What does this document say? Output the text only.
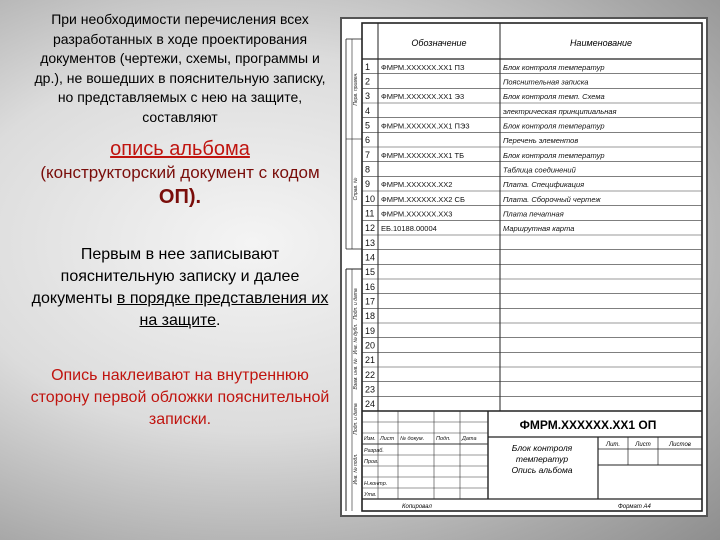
При необходимости перечисления всех разработанных в ходе проектирования документов (чертежи, схемы, программы и др.), не вошедших в пояснительную записку, но представляемых с нею на защите, составляют

опись альбома
(конструкторский документ с кодом ОП).
Первым в нее записывают пояснительную записку и далее документы в порядке представления их на защите.
Опись наклеивают на внутреннюю сторону первой обложки пояснительной записки.
Обозначение	Наименование
1 ФМРМ.XXXXXX.XX1 ПЗ	Блок контроля температур
2	Пояснительная записка
3 ФМРМ.XXXXXX.XX1 Э3	Блок контроля темп. Схема
4	электрическая принципиальная
5 ФМРМ.XXXXXX.XX1 ПЭ3	Блок контроля температур
6	Перечень элементов
7 ФМРМ.XXXXXX.XX1 ТБ	Блок контроля температур
8	Таблица соединений
9 ФМРМ.XXXXXX.XX2	Плата. Спецификация
10 ФМРМ.XXXXXX.XX2 СБ	Плата. Сборочный чертеж
11 ФМРМ.XXXXXX.XX3	Плата печатная
12 ЕБ.10188.00004	Маршрутная карта
13
14
15
16
17
18
19
20
21
22
23
24
Перв. примен.
Справ. №
Подп. и дата
Инв. № дубл.
Взам. инв. №
Подп. и дата
Инв. № подл.
ФМРМ.XXXXXX.XX1 ОП
Блок контроля
температур
Опись альбома
Лит.	Лист	Листов
Копировал	Формат А4
Изм. Лист № докум. Подп. Дата
Разраб.
Пров.
Н.контр.
Утв.
